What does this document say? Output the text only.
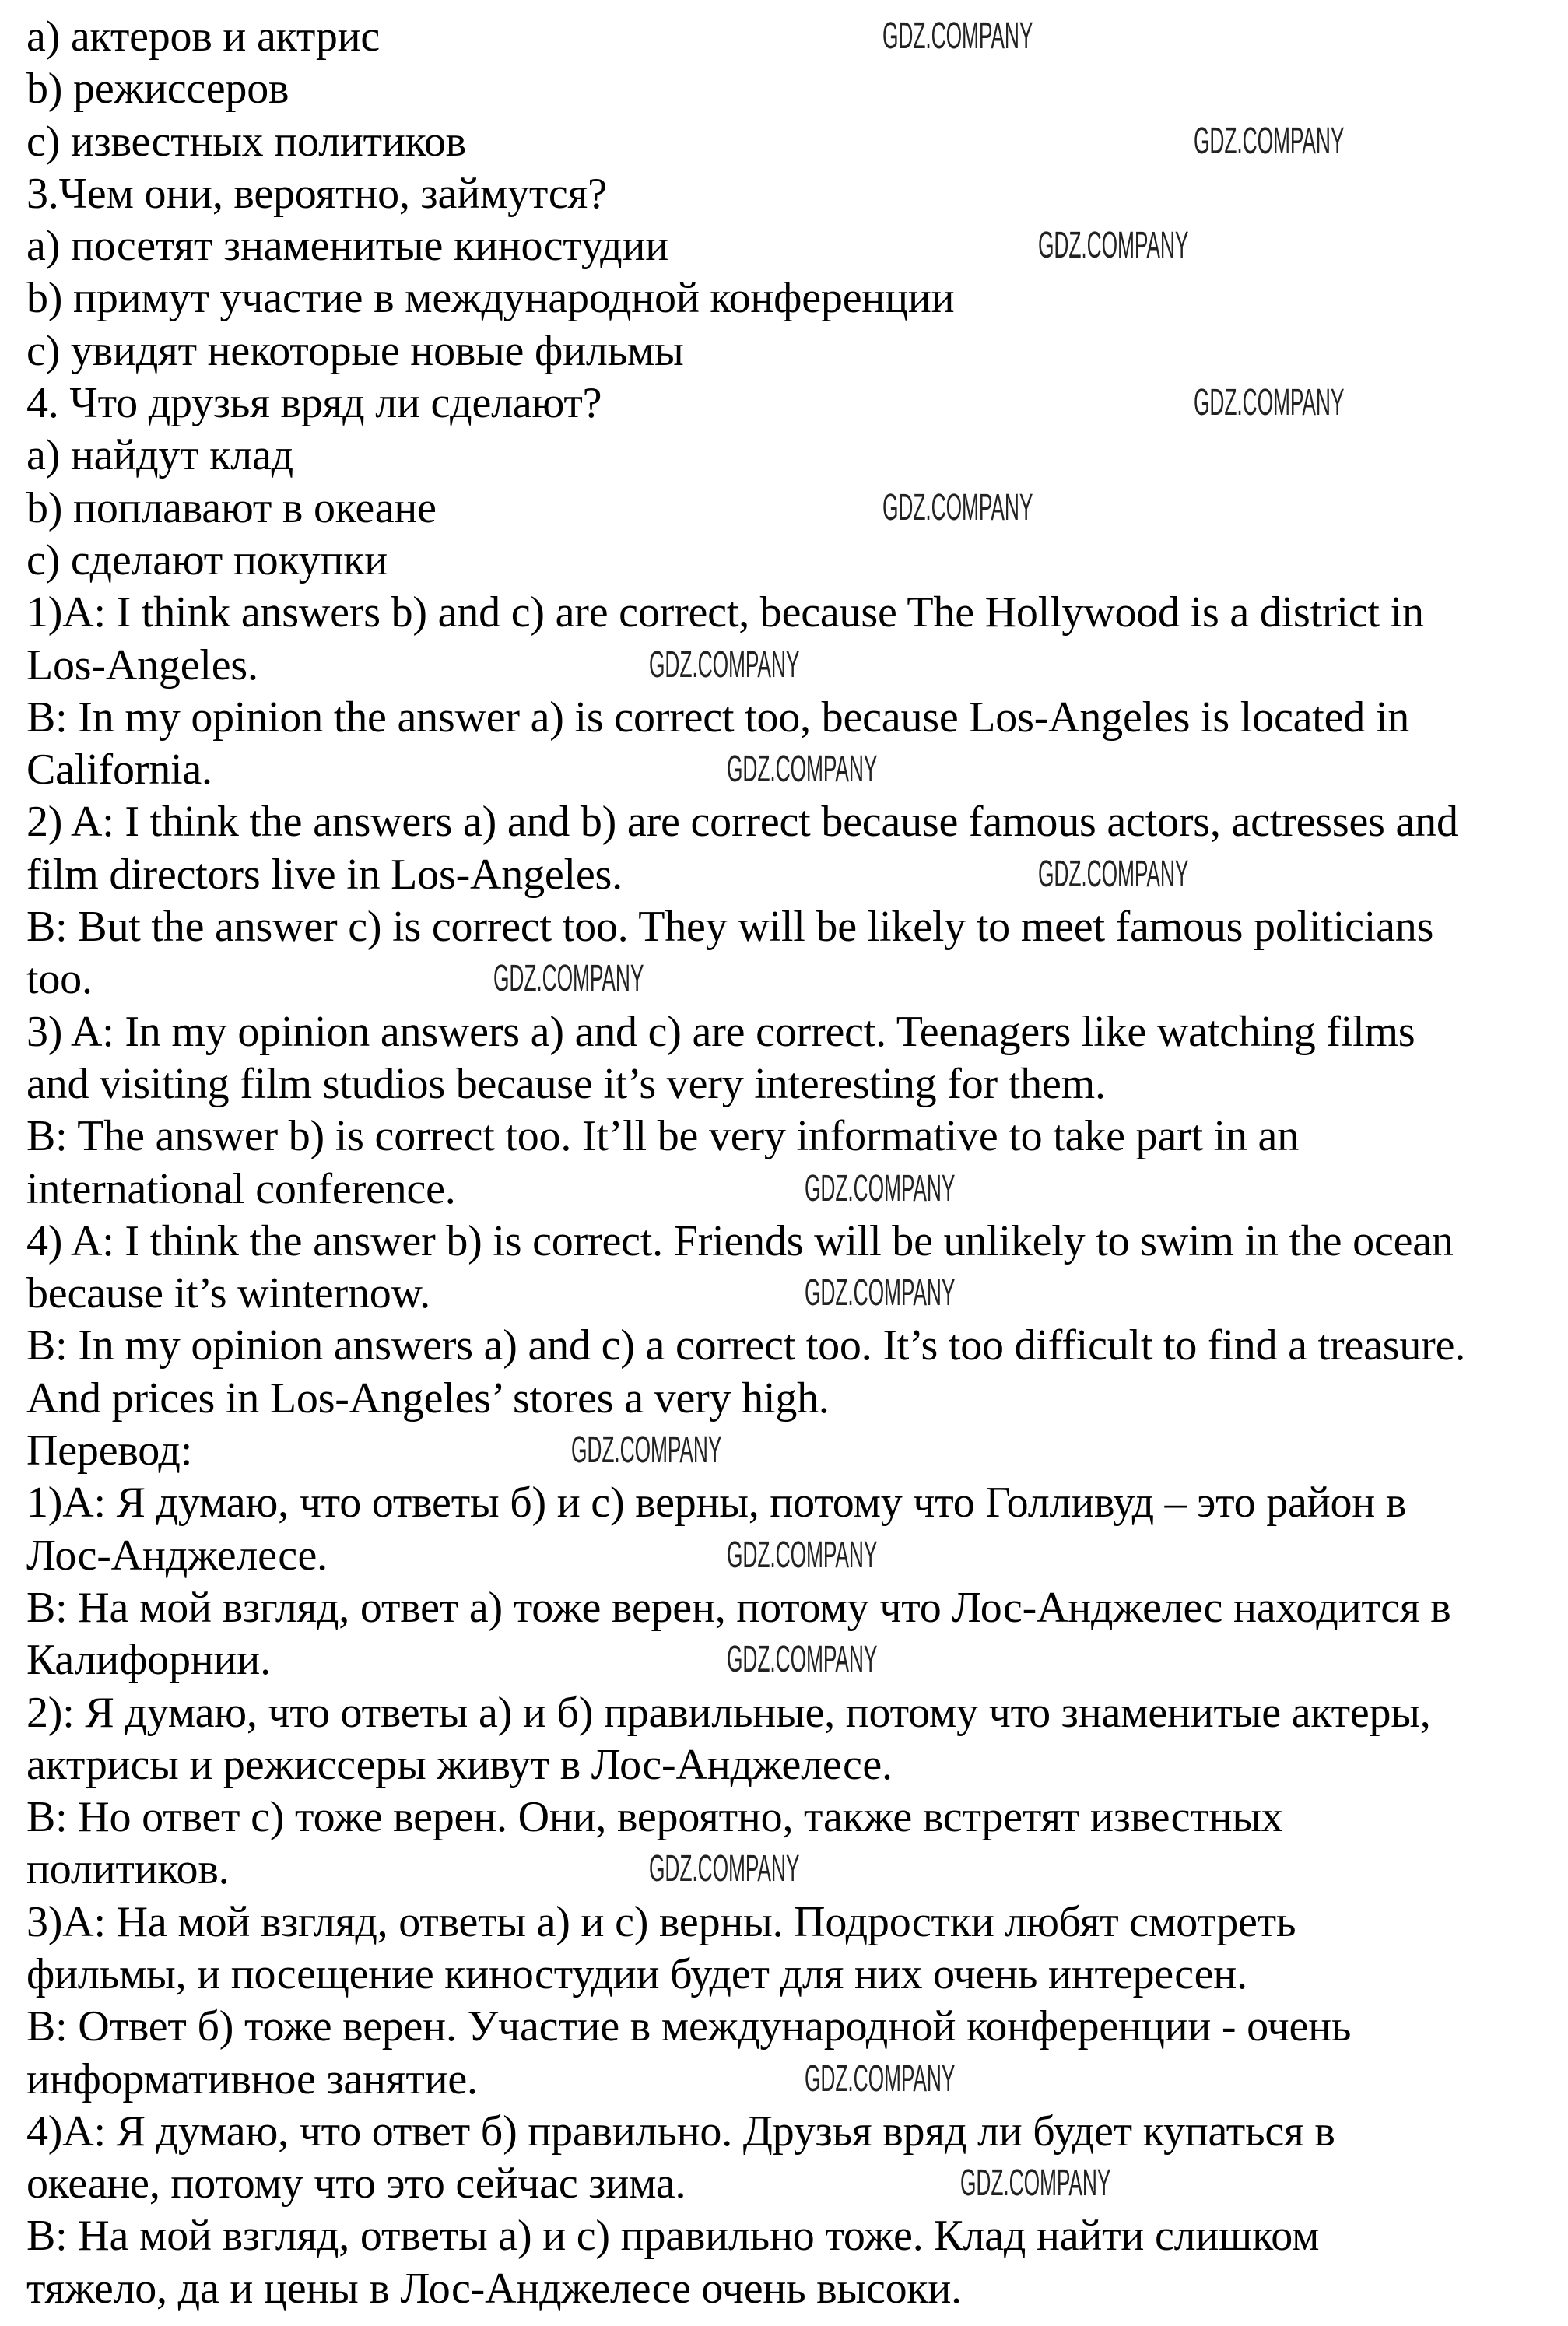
a) актеров и актрис	GDZ.COMPANY
b) режиссеров
c) известных политиков	GDZ.COMPANY
3.Чем они, вероятно, займутся?
a) посетят знаменитые киностудии	GDZ.COMPANY
b) примут участие в международной конференции
c) увидят некоторые новые фильмы
4. Что друзья вряд ли сделают?	GDZ.COMPANY
a) найдут клад
b) поплавают в океане	GDZ.COMPANY
c) сделают покупки
1)A: I think answers b) and c) are correct, because The Hollywood is a district in
Los-Angeles.	GDZ.COMPANY
B: In my opinion the answer a) is correct too, because Los-Angeles is located in
California.	GDZ.COMPANY
2) A: I think the answers a) and b) are correct because famous actors, actresses and
film directors live in Los-Angeles.	GDZ.COMPANY
B: But the answer c) is correct too. They will be likely to meet famous politicians
too.	GDZ.COMPANY
3) A: In my opinion answers a) and c) are correct. Teenagers like watching films
and visiting film studios because it’s very interesting for them.
B: The answer b) is correct too. It’ll be very informative to take part in an
international conference.	GDZ.COMPANY
4) A: I think the answer b) is correct. Friends will be unlikely to swim in the ocean
because it’s winternow.	GDZ.COMPANY
B: In my opinion answers a) and c) a correct too. It’s too difficult to find a treasure.
And prices in Los-Angeles’ stores a very high.
Перевод:	GDZ.COMPANY
1)A: Я думаю, что ответы б) и с) верны, потому что Голливуд – это район в
Лос-Анджелесе.	GDZ.COMPANY
B: На мой взгляд, ответ а) тоже верен, потому что Лос-Анджелес находится в
Калифорнии.	GDZ.COMPANY
2): Я думаю, что ответы а) и б) правильные, потому что знаменитые актеры,
актрисы и режиссеры живут в Лос-Анджелесе.
B: Но ответ с) тоже верен. Они, вероятно, также встретят известных
политиков.	GDZ.COMPANY
3)A: На мой взгляд, ответы а) и с) верны. Подростки любят смотреть
фильмы, и посещение киностудии будет для них очень интересен.
B: Ответ б) тоже верен. Участие в международной конференции - очень
информативное занятие.	GDZ.COMPANY
4)A: Я думаю, что ответ б) правильно. Друзья вряд ли будет купаться в
океане, потому что это сейчас зима.	GDZ.COMPANY
B: На мой взгляд, ответы а) и с) правильно тоже. Клад найти слишком
тяжело, да и цены в Лос-Анджелесе очень высоки.
